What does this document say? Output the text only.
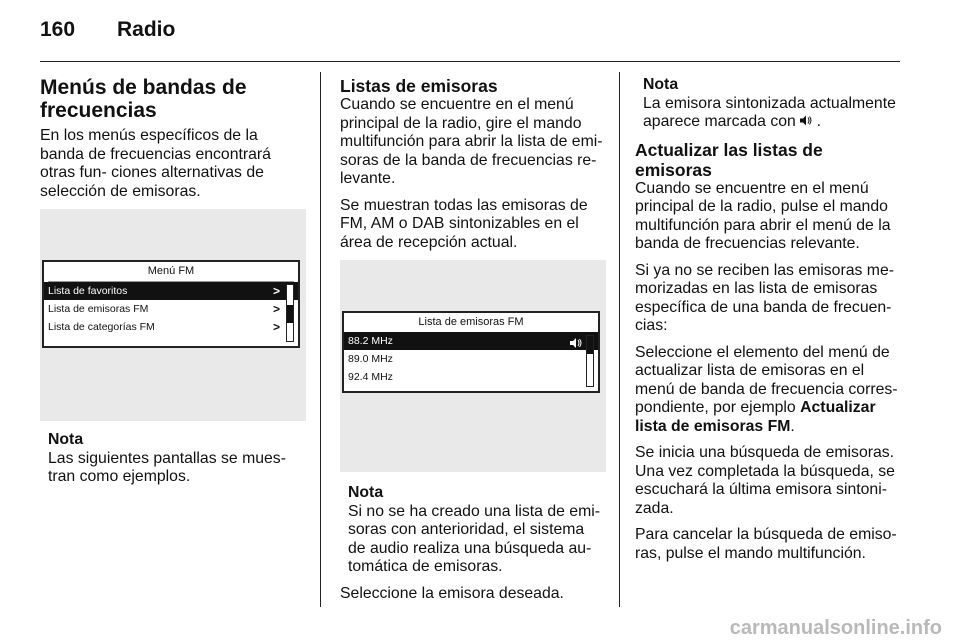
160 Radio
Menús de bandas de frecuencias

En los menús específicos de la banda de frecuencias encontrará otras fun- ciones alternativas de selección de emisoras.

Menú FM
Lista de favoritos	>
Lista de emisoras FM	>
Lista de categorías FM	>

Nota
Las siguientes pantallas se mues- tran como ejemplos.

Listas de emisoras

Cuando se encuentre en el menú principal de la radio, gire el mando multifunción para abrir la lista de emi- soras de la banda de frecuencias re- levante.

Se muestran todas las emisoras de FM, AM o DAB sintonizables en el área de recepción actual.

Lista de emisoras FM
88.2 MHz
89.0 MHz
92.4 MHz

Nota
Si no se ha creado una lista de emi- soras con anterioridad, el sistema de audio realiza una búsqueda au- tomática de emisoras.

Seleccione la emisora deseada.

Nota
La emisora sintonizada actualmente aparece marcada con .

Actualizar las listas de emisoras

Cuando se encuentre en el menú principal de la radio, pulse el mando multifunción para abrir el menú de la banda de frecuencias relevante.

Si ya no se reciben las emisoras me- morizadas en las lista de emisoras específica de una banda de frecuen- cias:

Seleccione el elemento del menú de actualizar lista de emisoras en el menú de banda de frecuencia corres- pondiente, por ejemplo Actualizar lista de emisoras FM.

Se inicia una búsqueda de emisoras. Una vez completada la búsqueda, se escuchará la última emisora sintoni- zada.

Para cancelar la búsqueda de emiso- ras, pulse el mando multifunción.

carmanualsonline.info
